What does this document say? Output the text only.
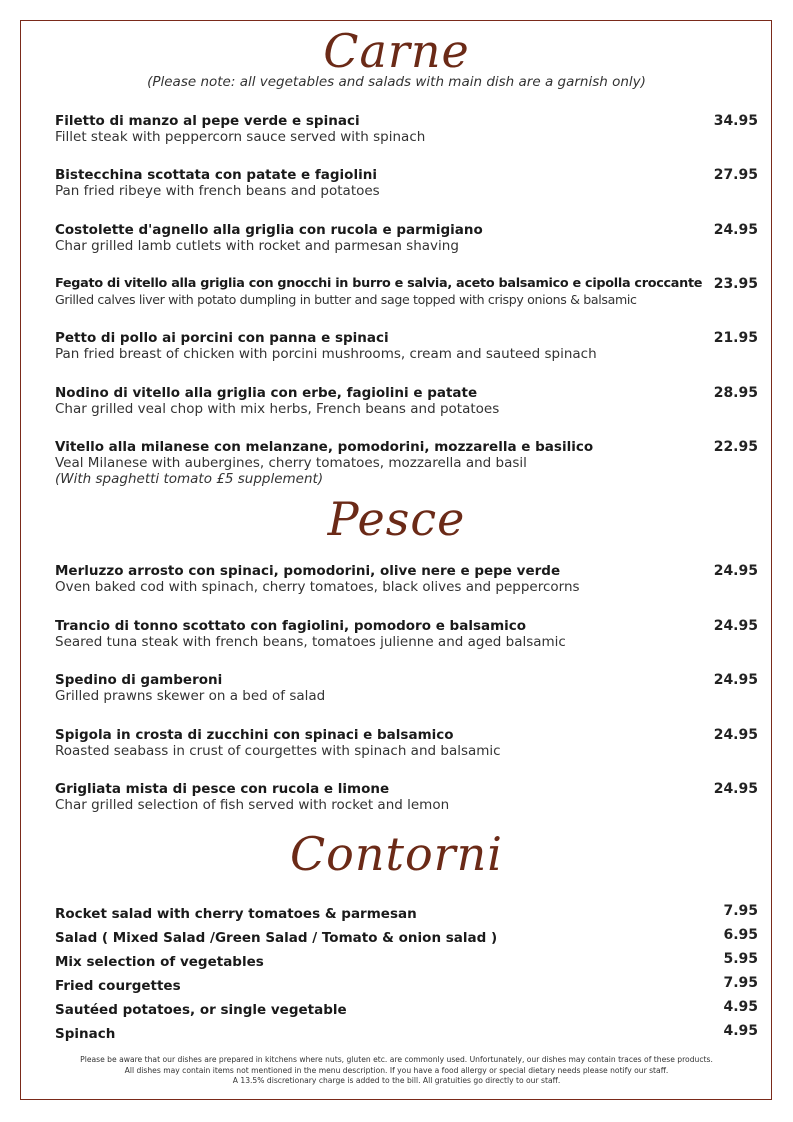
Carne
(Please note: all vegetables and salads with main dish are a garnish only)
Filetto di manzo al pepe verde e spinaci
Fillet steak with peppercorn sauce served with spinach
34.95
Bistecchina scottata con patate e fagiolini
Pan fried ribeye with french beans and potatoes
27.95
Costolette d'agnello alla griglia con rucola e parmigiano
Char grilled lamb cutlets with rocket and parmesan shaving
24.95
Fegato di vitello alla griglia con gnocchi in burro e salvia, aceto balsamico e cipolla croccante
Grilled calves liver with potato dumpling in butter and sage topped with crispy onions & balsamic
23.95
Petto di pollo ai porcini con panna e spinaci
Pan fried breast of chicken with porcini mushrooms, cream and sauteed spinach
21.95
Nodino di vitello alla griglia con erbe, fagiolini e patate
Char grilled veal chop with mix herbs, French beans and potatoes
28.95
Vitello alla milanese con melanzane, pomodorini, mozzarella e basilico
Veal Milanese with aubergines, cherry tomatoes, mozzarella and basil
(With spaghetti tomato £5 supplement)
22.95
Pesce
Merluzzo arrosto con spinaci, pomodorini, olive nere e pepe verde
Oven baked cod with spinach, cherry tomatoes, black olives and peppercorns
24.95
Trancio di tonno scottato con fagiolini, pomodoro e balsamico
Seared tuna steak with french beans, tomatoes julienne and aged balsamic
24.95
Spedino di gamberoni
Grilled prawns skewer on a bed of salad
24.95
Spigola in crosta di zucchini con spinaci e balsamico
Roasted seabass in crust of courgettes with spinach and balsamic
24.95
Grigliata mista di pesce con rucola e limone
Char grilled selection of fish served with rocket and lemon
24.95
Contorni
Rocket salad with cherry tomatoes & parmesan	7.95
Salad ( Mixed Salad /Green Salad / Tomato & onion salad )	6.95
Mix selection of vegetables	5.95
Fried courgettes	7.95
Sautéed potatoes, or single vegetable	4.95
Spinach	4.95
Please be aware that our dishes are prepared in kitchens where nuts, gluten etc. are commonly used. Unfortunately, our dishes may contain traces of these products.
All dishes may contain items not mentioned in the menu description. If you have a food allergy or special dietary needs please notify our staff.
A 13.5% discretionary charge is added to the bill. All gratuities go directly to our staff.
